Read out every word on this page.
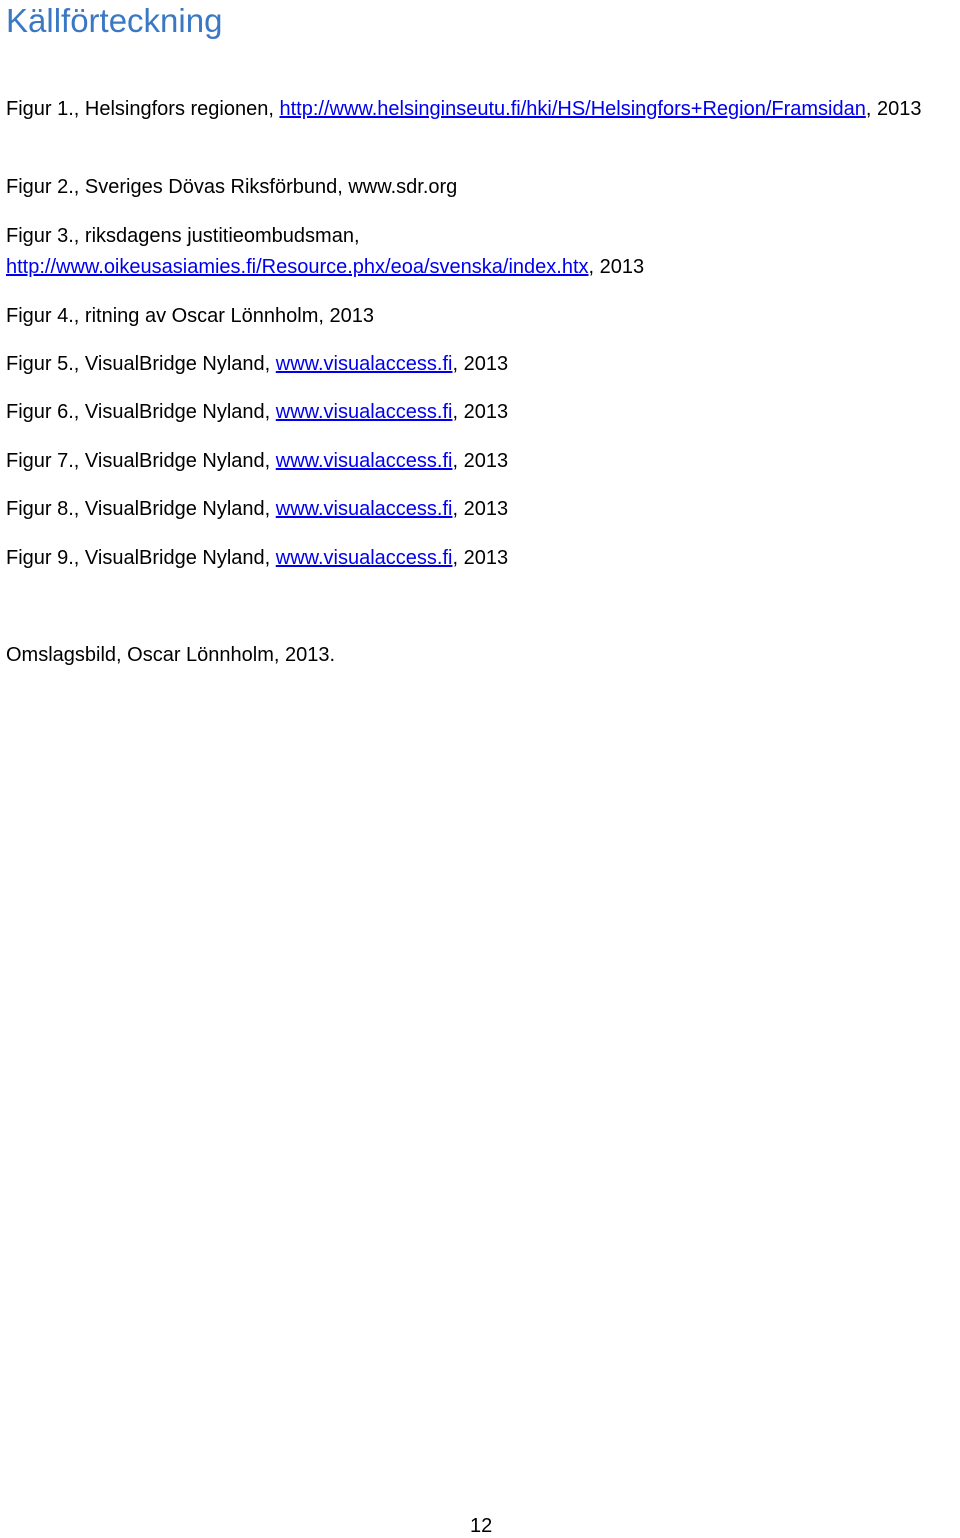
Källförteckning
Figur 1., Helsingfors regionen, http://www.helsinginseutu.fi/hki/HS/Helsingfors+Region/Framsidan, 2013
Figur 2., Sveriges Dövas Riksförbund, www.sdr.org
Figur 3., riksdagens justitieombudsman,
http://www.oikeusasiamies.fi/Resource.phx/eoa/svenska/index.htx, 2013
Figur 4., ritning av Oscar Lönnholm, 2013
Figur 5., VisualBridge Nyland, www.visualaccess.fi, 2013
Figur 6., VisualBridge Nyland, www.visualaccess.fi, 2013
Figur 7., VisualBridge Nyland, www.visualaccess.fi, 2013
Figur 8., VisualBridge Nyland, www.visualaccess.fi, 2013
Figur 9., VisualBridge Nyland, www.visualaccess.fi, 2013
Omslagsbild, Oscar Lönnholm, 2013.
12
